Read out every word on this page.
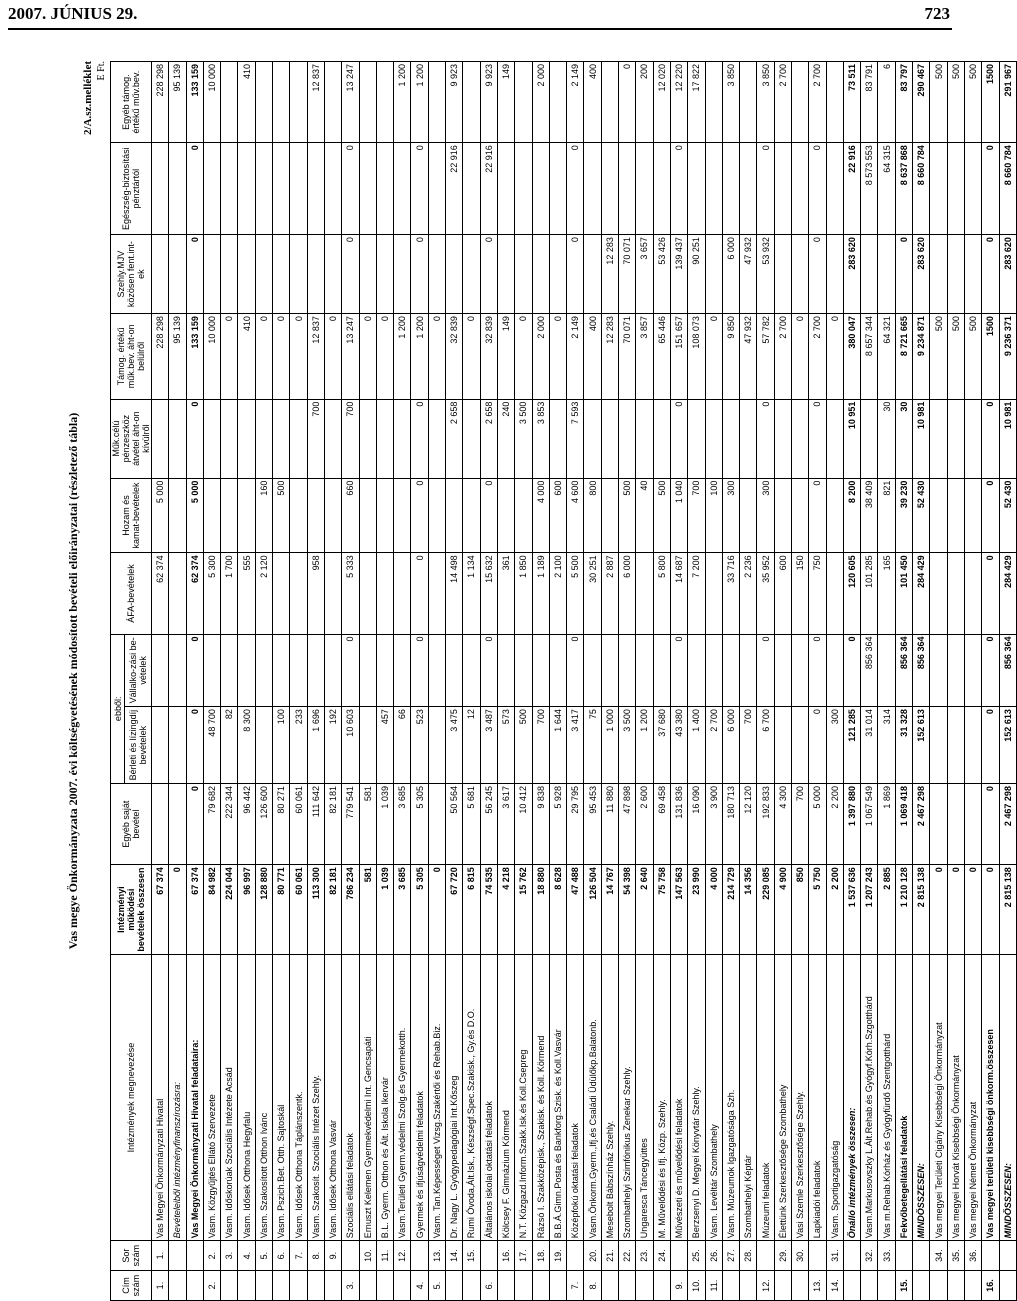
2007. JÚNIUS 29.	723
Vas megye Önkormányzata 2007. évi költségvetésének módosított bevételi előirányzatai (részletező tábla)
2/A.sz.melléklet E Ft.
Cím szám	Sor szám	Intézmények megnevezése	Intézményi működési bevételek összesen	Egyéb saját bevétel	ebből:		ÁFA-bevételek	Hozam és kamat-bevételek	Műk.célú pénzeszköz átvétel áht-on kívülről	Támog. értékű műk.bev. áht-on belülről	Szehly.MJV közösen fent.int-ek	Egészség-biztosítási pénztártól	Egyéb támog. értékű műv.bev.
					Bérleti és lízingdíj bevételek	Vállalko-zási be-vételek							
1.	1.	Vas Megyei Önkormányzati Hivatal	67 374				62 374	5 000		228 298			228 298
		Bevételeiből intézményfinanszírozásra:	0							95 139			95 139
		Vas Megyei Önkormányzati Hivatal feladataira:	67 374	0	0	0	62 374	5 000	0	133 159	0	0	133 159
2.	2.	Vasm. Közgyűjtés Ellátó Szervezete	84 982	79 682	48 700		5 300			10 000			10 000
	3.	Vasm. Időskorúak Szociális Intézete Acsád	224 044	222 344	82		1 700			0			
	4.	Vasm. Idősek Otthona Hegyfalu	96 997	96 442	8 300		555			410			410
	5.	Vasm. Szakosított Otthon Ivánc	128 880	126 600			2 120	160		0			
	6.	Vasm. Pszich.Bet. Otth. Sajtoskál	80 771	80 271	100			500		0			
	7.	Vasm. Idősek Otthona Táplánszentk.	60 061	60 061	233					0			
	8.	Vasm. Szakosít. Szociális Intézet Szehly.	113 300	111 642	1 696		958		700	12 837			12 837
	9.	Vasm. Idősek Otthona Vasvár	82 181	82 181	192					0			
3.		Szociális ellátási feladatok	786 234	779 541	10 603	0	5 333	660	700	13 247	0	0	13 247
	10.	Ernuszt Kelemen Gyermekvédelmi Int. Gencsapáti	581	581						0			
	11.	B.L. Gyerm. Otthon és Ált. Iskola Ikervár	1 039	1 039	457					0			
	12.	Vasm.Területi Gyerm.védelmi Szolg.és Gyermekotth.	3 685	3 685	66					1 200			1 200
4.		Gyermek és ifjúságvédelmi feladatok	5 305	5 305	523	0	0	0	0	1 200	0	0	1 200
5.	13.	Vasm. Tan.Képességet Vizsg.Szakértői és Rehab.Biz.	0							0			
	14.	Dr. Nagy L. Gyógypedagógiai Int.Kőszeg	67 720	50 564	3 475		14 498		2 658	32 839		22 916	9 923
	15.	Rumi Óvoda,Ált.Isk., Készségf.Spec.Szakisk., Gy.és D.O.	6 815	5 681	12		1 134			0			
6.		Általános iskolai oktatási feladatok	74 535	56 245	3 487	0	15 632	0	2 658	32 839	0	22 916	9 923
	16.	Kölcsey F. Gimnázium Körmend	4 218	3 617	573		361		240	149			149
	17.	N.T. Közgazd.Inform.Szakk.Isk.és Koll.Csepreg	15 762	10 412	500		1 850		3 500	0			
	18.	Rázsó I. Szakközépisk., Szakisk. és Koll. Körmend	18 880	9 838	700		1 189	4 000	3 853	2 000			2 000
	19.	B.B.Á.Gimn.Posta és Bankforg.Szisk. és Koll.Vasvár	8 628	5 928	1 644		2 100	600		0			
7.		Középfokú oktatási feladatok	47 488	29 795	3 417	0	5 500	4 600	7 593	2 149	0	0	2 149
8.	20.	Vasm.Önkorm.Gyerm.,Ifj.és Családi Üdülőkp.Balatonb.	126 504	95 453	75		30 251	800		400			400
	21.	Mesebolt Bábszínház Szehly.	14 767	11 880	1 000		2 887			12 283	12 283		
	22.	Szombathelyi Szimfónikus Zenekar Szehly.	54 398	47 898	3 500		6 000	500		70 071	70 071		0
	23.	Ungaresca Táncegyüttes	2 640	2 600	1 200			40		3 857	3 657		200
	24.	M. Művelődési és Ifj. Közp. Szehly.	75 758	69 458	37 680		5 800	500		65 446	53 426		12 020
9.		Művészeti és művelődési feladatok	147 563	131 836	43 380	0	14 687	1 040	0	151 657	139 437	0	12 220
10.	25.	Berzsenyi D. Megyei Könyvtár Szehly.	23 990	16 090	1 400		7 200	700		108 073	90 251		17 822
11.	26.	Vasm. Levéltár Szombathely	4 000	3 900	2 700			100		0			
	27.	Vasm. Múzeumok Igazgatósága Szh.	214 729	180 713	6 000		33 716	300		9 850	6 000		3 850
	28.	Szombathelyi Képtár	14 356	12 120	700		2 236			47 932	47 932		
12.		Múzeumi feladatok	229 085	192 833	6 700	0	35 952	300	0	57 782	53 932	0	3 850
	29.	Élettünk Szerkesztősége Szombathely	4 900	4 300			600			2 700			2 700
	30.	Vasi Szemle Szerkesztősége Szehly.	850	700			150			0			
13.		Lapkiadói feladatok	5 750	5 000	0	0	750	0	0	2 700	0	0	2 700
14.	31.	Vasm. Sportigazgatóság	2 200	2 200	300					0			
		Önálló intézmények összesen:	1 537 636	1 397 880	121 285	0	120 605	8 200	10 951	380 047	283 620	22 916	73 511
	32.	Vasm.Markusovszky L.Ált.Rehab.és Gyógyf.Kórh.Szgotthárd	1 207 243	1 067 549	31 014	856 364	101 285	38 409		8 657 344		8 573 553	83 791
	33.	Vas m.Rehab.Kórház és Gyógyfürdő Szentgotthárd	2 885	1 869	314		165	821	30	64 321		64 315	6
15.		Fekvőbetegellátási feladatok	1 210 128	1 069 418	31 328	856 364	101 450	39 230	30	8 721 665	0	8 637 868	83 797
		MINDÖSSZESEN:	2 815 138	2 467 298	152 613	856 364	284 429	52 430	10 981	9 234 871	283 620	8 660 784	290 467
	34.	Vas megyei Területi Cigány Kisebbségi Önkormányzat	0							500			500
	35.	Vas megyei Horvát Kisebbségi Önkormányzat	0							500			500
	36.	Vas megyei Német Önkormányzat	0							500			500
16.		Vas megyei területi kisebbségi önkorm.összesen	0	0	0	0	0	0	0	1500	0	0	1500
		MINDÖSSZESEN:	2 815 138	2 467 298	152 613	856 364	284 429	52 430	10 981	9 236 371	283 620	8 660 784	291 967
